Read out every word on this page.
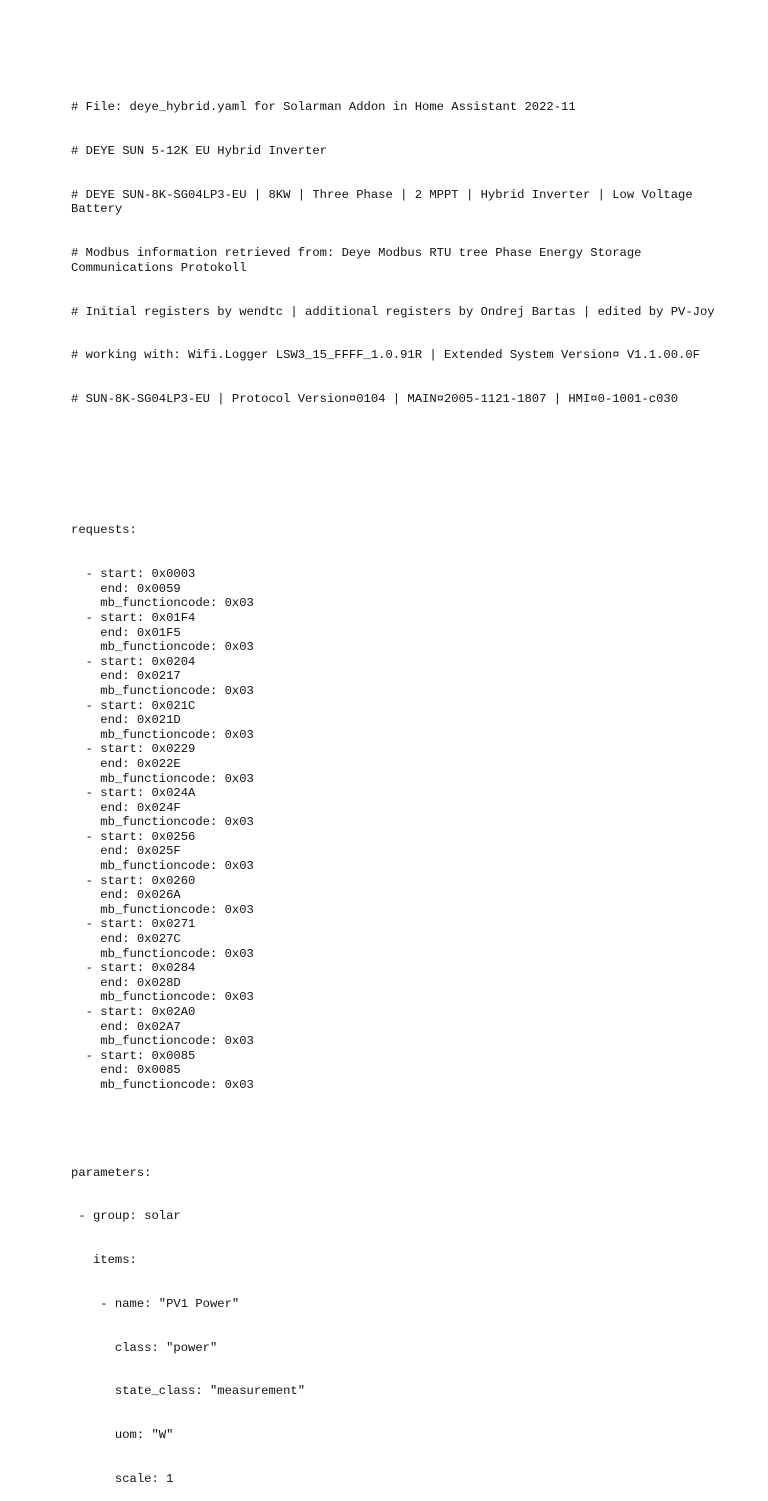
# File: deye_hybrid.yaml for Solarman Addon in Home Assistant 2022-11

# DEYE SUN 5-12K EU Hybrid Inverter

# DEYE SUN-8K-SG04LP3-EU | 8KW | Three Phase | 2 MPPT | Hybrid Inverter | Low Voltage Battery

# Modbus information retrieved from: Deye Modbus RTU tree Phase Energy Storage Communications Protokoll

# Initial registers by wendtc | additional registers by Ondrej Bartas | edited by PV-Joy

# working with: Wifi.Logger LSW3_15_FFFF_1.0.91R | Extended System Version¤ V1.1.00.0F

# SUN-8K-SG04LP3-EU | Protocol Version¤0104 | MAIN¤2005-1121-1807 | HMI¤0-1001-c030

requests:

- start: 0x0003
end: 0x0059
mb_functioncode: 0x03
- start: 0x01F4
end: 0x01F5
mb_functioncode: 0x03
- start: 0x0204
end: 0x0217
mb_functioncode: 0x03
- start: 0x021C
end: 0x021D
mb_functioncode: 0x03
- start: 0x0229
end: 0x022E
mb_functioncode: 0x03
- start: 0x024A
end: 0x024F
mb_functioncode: 0x03
- start: 0x0256
end: 0x025F
mb_functioncode: 0x03
- start: 0x0260
end: 0x026A
mb_functioncode: 0x03
- start: 0x0271
end: 0x027C
mb_functioncode: 0x03
- start: 0x0284
end: 0x028D
mb_functioncode: 0x03
- start: 0x02A0
end: 0x02A7
mb_functioncode: 0x03
- start: 0x0085
end: 0x0085
mb_functioncode: 0x03

parameters:

- group: solar

items:

- name: "PV1 Power"

class: "power"

state_class: "measurement"

uom: "W"

scale: 1
